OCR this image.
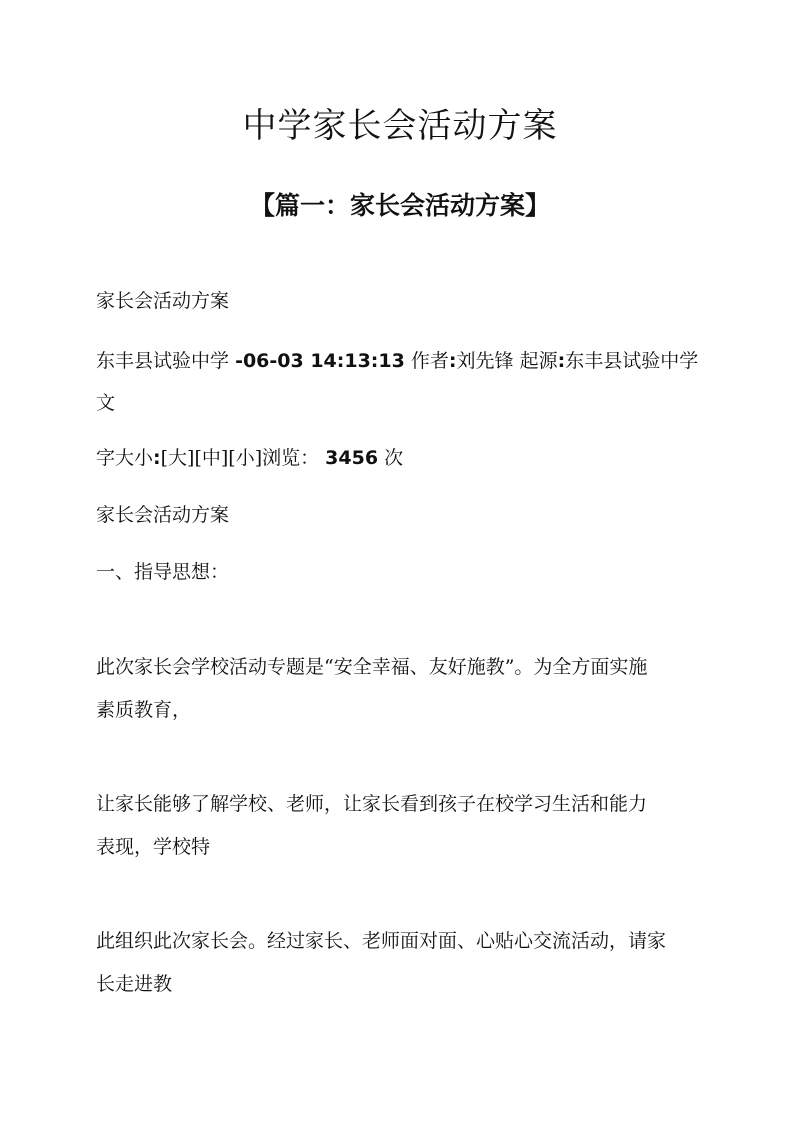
中学家长会活动方案
【篇一：家长会活动方案】

家长会活动方案

东丰县试验中学 -06-03 14:13:13 作者:刘先锋 起源:东丰县试验中学

文

字大小:[大][中][小]浏览： 3456 次

家长会活动方案

一、指导思想：

此次家长会学校活动专题是“安全幸福、友好施教”。为全方面实施

素质教育，

让家长能够了解学校、老师，让家长看到孩子在校学习生活和能力

表现，学校特

此组织此次家长会。经过家长、老师面对面、心贴心交流活动，请家

长走进教
